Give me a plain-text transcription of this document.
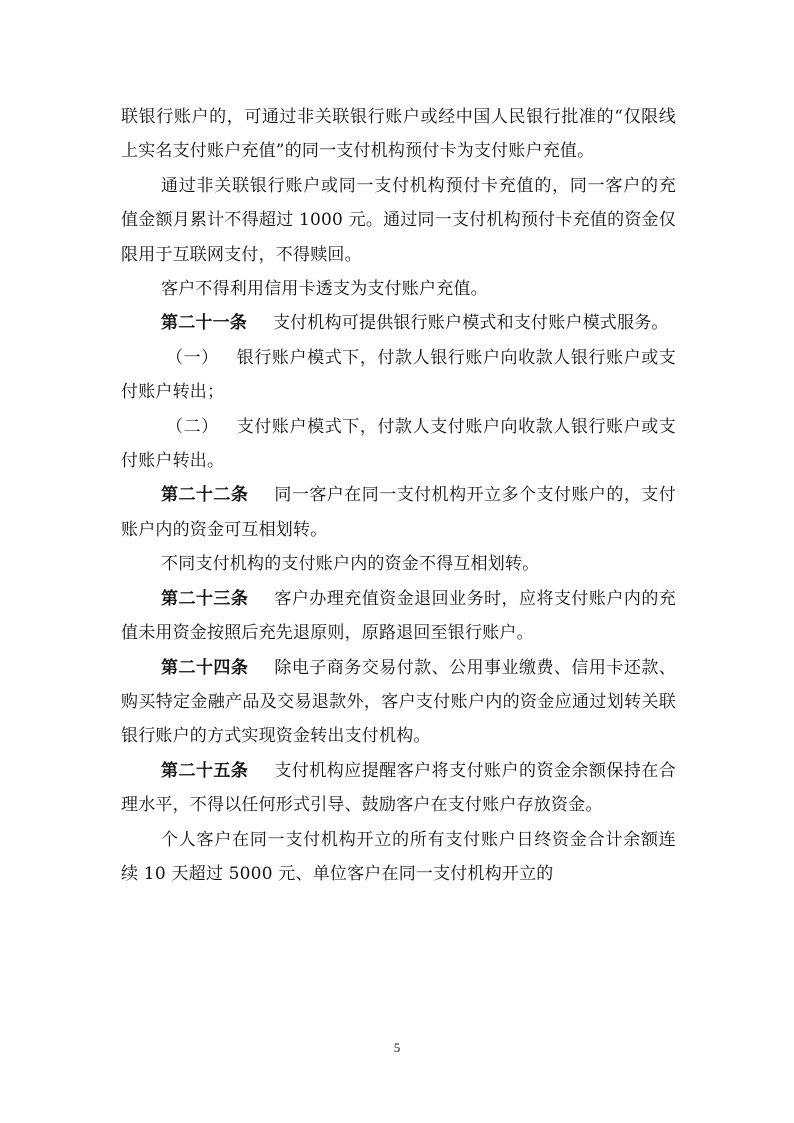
联银行账户的，可通过非关联银行账户或经中国人民银行批准的“仅限线上实名支付账户充值”的同一支付机构预付卡为支付账户充值。

通过非关联银行账户或同一支付机构预付卡充值的，同一客户的充值金额月累计不得超过 1000 元。通过同一支付机构预付卡充值的资金仅限用于互联网支付，不得赎回。

客户不得利用信用卡透支为支付账户充值。

第二十一条 支付机构可提供银行账户模式和支付账户模式服务。

（一） 银行账户模式下，付款人银行账户向收款人银行账户或支付账户转出；

（二） 支付账户模式下，付款人支付账户向收款人银行账户或支付账户转出。

第二十二条 同一客户在同一支付机构开立多个支付账户的，支付账户内的资金可互相划转。

不同支付机构的支付账户内的资金不得互相划转。

第二十三条 客户办理充值资金退回业务时，应将支付账户内的充值未用资金按照后充先退原则，原路退回至银行账户。

第二十四条 除电子商务交易付款、公用事业缴费、信用卡还款、购买特定金融产品及交易退款外，客户支付账户内的资金应通过划转关联银行账户的方式实现资金转出支付机构。

第二十五条 支付机构应提醒客户将支付账户的资金余额保持在合理水平，不得以任何形式引导、鼓励客户在支付账户存放资金。

个人客户在同一支付机构开立的所有支付账户日终资金合计余额连续 10 天超过 5000 元、单位客户在同一支付机构开立的

5
